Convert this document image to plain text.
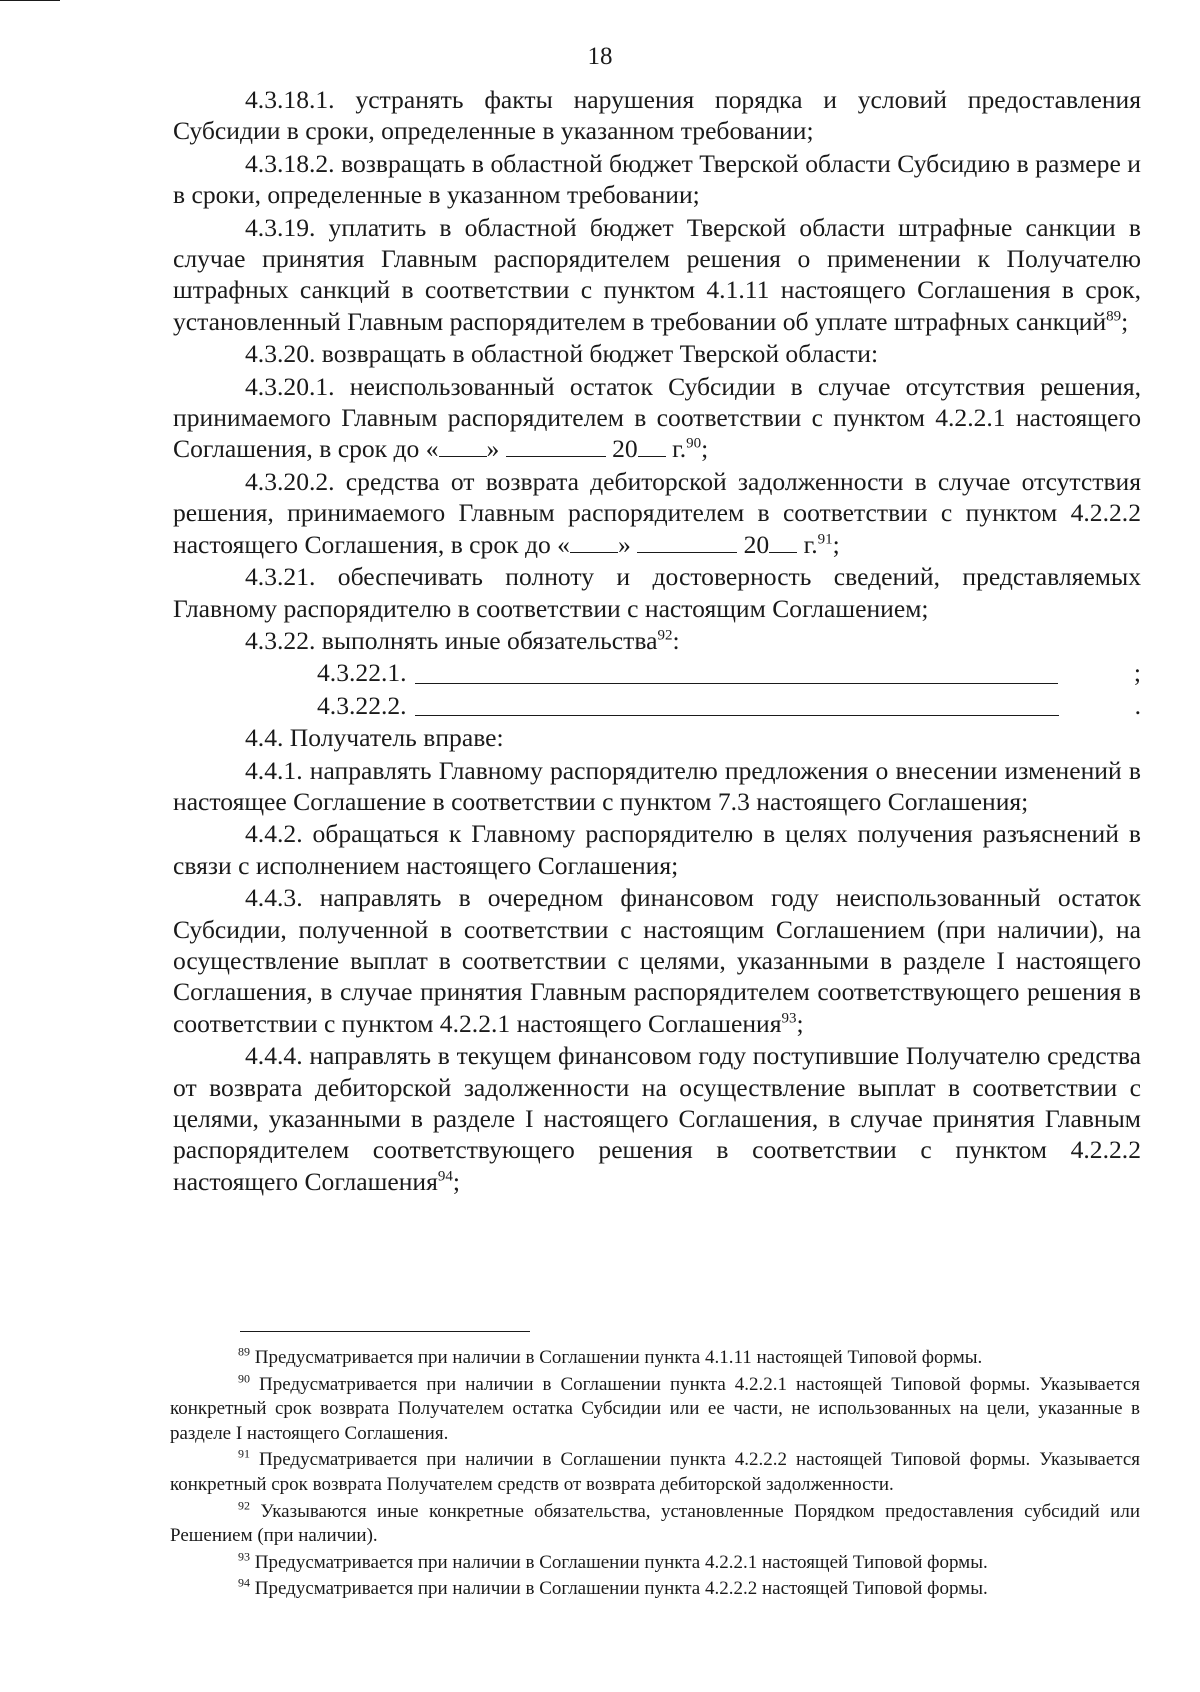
18

4.3.18.1. устранять факты нарушения порядка и условий предоставления Субсидии в сроки, определенные в указанном требовании;

4.3.18.2. возвращать в областной бюджет Тверской области Субсидию в размере и в сроки, определенные в указанном требовании;

4.3.19. уплатить в областной бюджет Тверской области штрафные санкции в случае принятия Главным распорядителем решения о применении к Получателю штрафных санкций в соответствии с пунктом 4.1.11 настоящего Соглашения в срок, установленный Главным распорядителем в требовании об уплате штрафных санкций$^{89}$;

4.3.20. возвращать в областной бюджет Тверской области:

4.3.20.1. неиспользованный остаток Субсидии в случае отсутствия решения, принимаемого Главным распорядителем в соответствии с пунктом 4.2.2.1 настоящего Соглашения, в срок до « »	20 г.$^{90}$;

4.3.20.2. средства от возврата дебиторской задолженности в случае отсутствия решения, принимаемого Главным распорядителем в соответствии с пунктом 4.2.2.2 настоящего Соглашения, в срок до « »	20 г.$^{91}$;

4.3.21. обеспечивать полноту и достоверность сведений, представляемых Главному распорядителю в соответствии с настоящим Соглашением;

4.3.22. выполнять иные обязательства$^{92}$:

4.3.22.1.	;

4.3.22.2.	.

4.4. Получатель вправе:

4.4.1. направлять Главному распорядителю предложения о внесении изменений в настоящее Соглашение в соответствии с пунктом 7.3 настоящего Соглашения;

4.4.2. обращаться к Главному распорядителю в целях получения разъяснений в связи с исполнением настоящего Соглашения;

4.4.3. направлять в очередном финансовом году неиспользованный остаток Субсидии, полученной в соответствии с настоящим Соглашением (при наличии), на осуществление выплат в соответствии с целями, указанными в разделе I настоящего Соглашения, в случае принятия Главным распорядителем соответствующего решения в соответствии с пунктом 4.2.2.1 настоящего Соглашения$^{93}$;

4.4.4. направлять в текущем финансовом году поступившие Получателю средства от возврата дебиторской задолженности на осуществление выплат в соответствии с целями, указанными в разделе I настоящего Соглашения, в случае принятия Главным распорядителем соответствующего решения в соответствии с пунктом 4.2.2.2 настоящего Соглашения$^{94}$;

$^{89}$ Предусматривается при наличии в Соглашении пункта 4.1.11 настоящей Типовой формы.

$^{90}$ Предусматривается при наличии в Соглашении пункта 4.2.2.1 настоящей Типовой формы. Указывается конкретный срок возврата Получателем остатка Субсидии или ее части, не использованных на цели, указанные в разделе I настоящего Соглашения.

$^{91}$ Предусматривается при наличии в Соглашении пункта 4.2.2.2 настоящей Типовой формы. Указывается конкретный срок возврата Получателем средств от возврата дебиторской задолженности.

$^{92}$ Указываются иные конкретные обязательства, установленные Порядком предоставления субсидий или Решением (при наличии).

$^{93}$ Предусматривается при наличии в Соглашении пункта 4.2.2.1 настоящей Типовой формы.

$^{94}$ Предусматривается при наличии в Соглашении пункта 4.2.2.2 настоящей Типовой формы.
